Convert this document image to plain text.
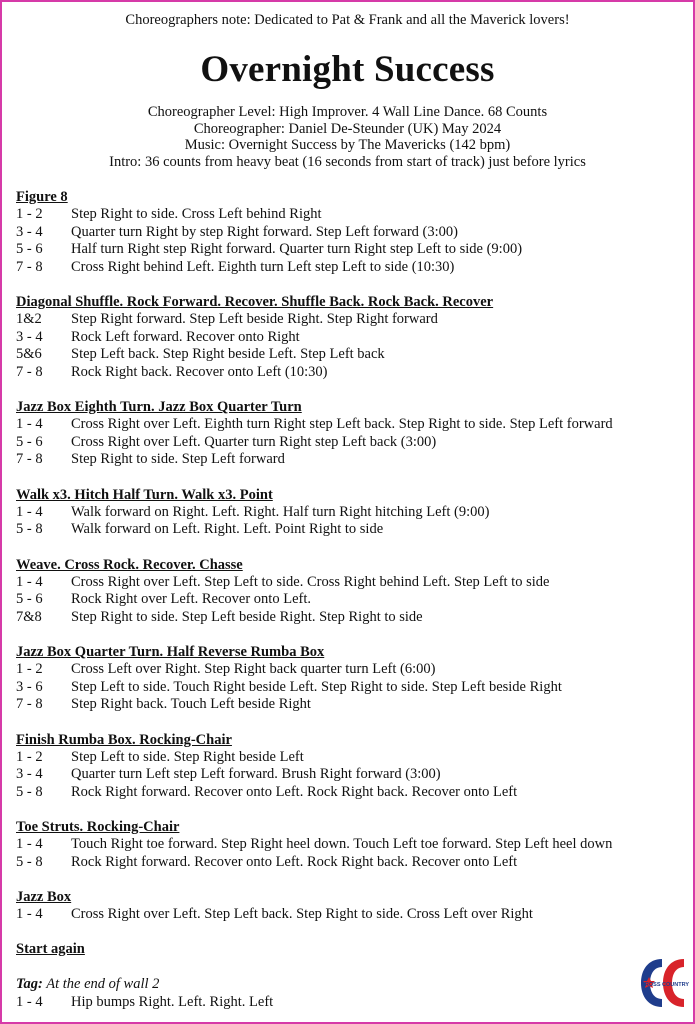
Choreographers note: Dedicated to Pat & Frank and all the Maverick lovers!
Overnight Success
Choreographer Level: High Improver. 4 Wall Line Dance. 68 Counts
Choreographer: Daniel De-Steunder (UK) May 2024
Music: Overnight Success by The Mavericks (142 bpm)
Intro: 36 counts from heavy beat (16 seconds from start of track) just before lyrics
Figure 8
1 - 2	Step Right to side. Cross Left behind Right
3 - 4	Quarter turn Right by step Right forward. Step Left forward (3:00)
5 - 6	Half turn Right step Right forward. Quarter turn Right step Left to side (9:00)
7 - 8	Cross Right behind Left. Eighth turn Left step Left to side (10:30)
Diagonal Shuffle. Rock Forward. Recover. Shuffle Back. Rock Back. Recover
1&2	Step Right forward. Step Left beside Right. Step Right forward
3 - 4	Rock Left forward. Recover onto Right
5&6	Step Left back. Step Right beside Left. Step Left back
7 - 8	Rock Right back. Recover onto Left (10:30)
Jazz Box Eighth Turn. Jazz Box Quarter Turn
1 - 4	Cross Right over Left. Eighth turn Right step Left back. Step Right to side. Step Left forward
5 - 6	Cross Right over Left. Quarter turn Right step Left back (3:00)
7 - 8	Step Right to side. Step Left forward
Walk x3. Hitch Half Turn. Walk x3. Point
1 - 4	Walk forward on Right. Left. Right. Half turn Right hitching Left (9:00)
5 - 8	Walk forward on Left. Right. Left. Point Right to side
Weave. Cross Rock. Recover. Chasse
1 - 4	Cross Right over Left. Step Left to side. Cross Right behind Left. Step Left to side
5 - 6	Rock Right over Left. Recover onto Left.
7&8	Step Right to side. Step Left beside Right. Step Right to side
Jazz Box Quarter Turn. Half Reverse Rumba Box
1 - 2	Cross Left over Right. Step Right back quarter turn Left (6:00)
3 - 6	Step Left to side. Touch Right beside Left. Step Right to side. Step Left beside Right
7 - 8	Step Right back. Touch Left beside Right
Finish Rumba Box. Rocking-Chair
1 - 2	Step Left to side. Step Right beside Left
3 - 4	Quarter turn Left step Left forward. Brush Right forward (3:00)
5 - 8	Rock Right forward. Recover onto Left. Rock Right back. Recover onto Left
Toe Struts. Rocking-Chair
1 - 4	Touch Right toe forward. Step Right heel down. Touch Left toe forward. Step Left heel down
5 - 8	Rock Right forward. Recover onto Left. Rock Right back. Recover onto Left
Jazz Box
1 - 4	Cross Right over Left. Step Left back. Step Right to side. Cross Left over Right
Start again
Tag: At the end of wall 2
1 - 4	Hip bumps Right. Left. Right. Left
CROSS COUNTRY
